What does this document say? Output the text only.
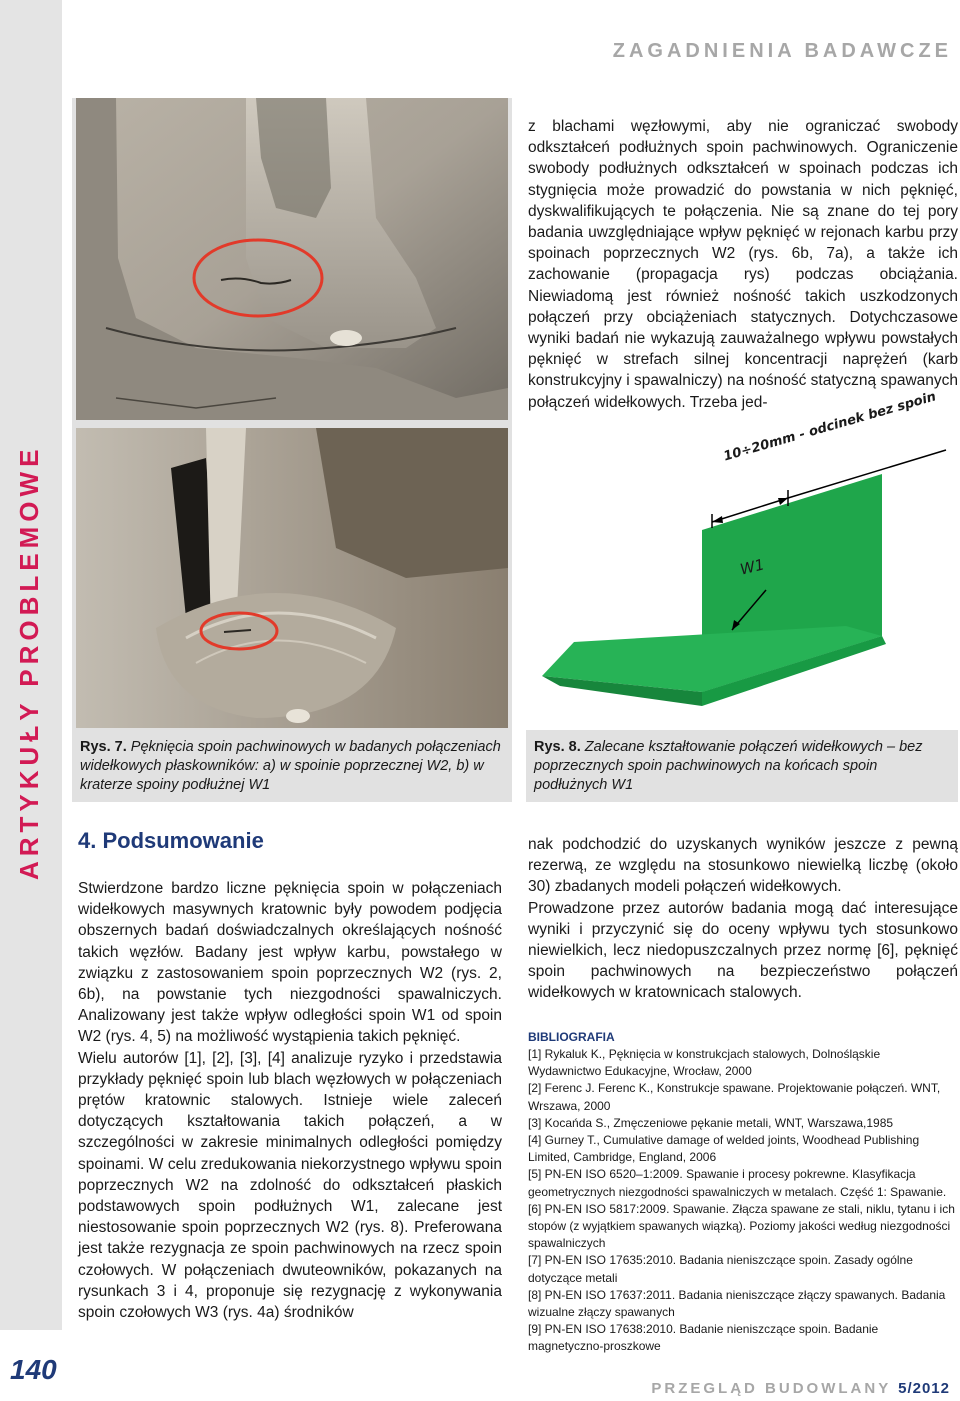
ARTYKUŁY PROBLEMOWE
140
ZAGADNIENIA BADAWCZE
Rys. 7. Pęknięcia spoin pachwinowych w badanych połączeniach widełkowych płaskowników: a) w spoinie poprzecznej W2, b) w kraterze spoiny podłużnej W1

z blachami węzłowymi, aby nie ograniczać swobody odkształceń podłużnych spoin pachwinowych. Ograniczenie swobody podłużnych odkształceń w spoinach podczas ich stygnięcia może prowadzić do powstania w nich pęknięć, dyskwalifikujących te połączenia. Nie są znane do tej pory badania uwzględniające wpływ pęknięć w rejonach karbu przy spoinach poprzecznych W2 (rys. 6b, 7a), a także ich zachowanie (propagacja rys) podczas obciążania. Niewiadomą jest również nośność takich uszkodzonych połączeń przy obciążeniach statycznych. Dotychczasowe wyniki badań nie wykazują zauważalnego wpływu powstałych pęknięć w strefach silnej koncentracji naprężeń (karb konstrukcyjny i spawalniczy) na nośność statyczną spawanych połączeń widełkowych. Trzeba jed-

10÷20mm - odcinek bez spoin
W1
Rys. 8. Zalecane kształtowanie połączeń widełkowych – bez poprzecznych spoin pachwinowych na końcach spoin podłużnych W1
4. Podsumowanie

Stwierdzone bardzo liczne pęknięcia spoin w połączeniach widełkowych masywnych kratownic były powodem podjęcia obszernych badań doświadczalnych określających nośność takich węzłów. Badany jest wpływ karbu, powstałego w związku z zastosowaniem spoin poprzecznych W2 (rys. 2, 6b), na powstanie tych niezgodności spawalniczych. Analizowany jest także wpływ odległości spoin W1 od spoin W2 (rys. 4, 5) na możliwość wystąpienia takich pęknięć.

Wielu autorów [1], [2], [3], [4] analizuje ryzyko i przedstawia przykłady pęknięć spoin lub blach węzłowych w połączeniach prętów kratownic stalowych. Istnieje wiele zaleceń dotyczących kształtowania takich połączeń, a w szczególności w zakresie minimalnych odległości pomiędzy spoinami. W celu zredukowania niekorzystnego wpływu spoin poprzecznych W2 na zdolność do odkształceń płaskich podstawowych spoin podłużnych W1, zalecane jest niestosowanie spoin poprzecznych W2 (rys. 8). Preferowana jest także rezygnacja ze spoin pachwinowych na rzecz spoin czołowych. W połączeniach dwuteowników, pokazanych na rysunkach 3 i 4, proponuje się rezygnację z wykonywania spoin czołowych W3 (rys. 4a) środników

nak podchodzić do uzyskanych wyników jeszcze z pewną rezerwą, ze względu na stosunkowo niewielką liczbę (około 30) zbadanych modeli połączeń widełkowych.

Prowadzone przez autorów badania mogą dać interesujące wyniki i przyczynić się do oceny wpływu tych stosunkowo niewielkich, lecz niedopuszczalnych przez normę [6], pęknięć spoin pachwinowych na bezpieczeństwo połączeń widełkowych w kratownicach stalowych.

BIBLIOGRAFIA
[1] Rykaluk K., Pęknięcia w konstrukcjach stalowych, Dolnośląskie Wydawnictwo Edukacyjne, Wrocław, 2000
[2] Ferenc J. Ferenc K., Konstrukcje spawane. Projektowanie połączeń. WNT, Wrszawa, 2000
[3] Kocańda S., Zmęczeniowe pękanie metali, WNT, Warszawa,1985
[4] Gurney T., Cumulative damage of welded joints, Woodhead Publishing Limited, Cambridge, England, 2006
[5] PN-EN ISO 6520–1:2009. Spawanie i procesy pokrewne. Klasyfikacja geometrycznych niezgodności spawalniczych w metalach. Część 1: Spawanie.
[6] PN-EN ISO 5817:2009. Spawanie. Złącza spawane ze stali, niklu, tytanu i ich stopów (z wyjątkiem spawanych wiązką). Poziomy jakości według niezgodności spawalniczych
[7] PN-EN ISO 17635:2010. Badania nieniszczące spoin. Zasady ogólne dotyczące metali
[8] PN-EN ISO 17637:2011. Badania nieniszczące złączy spawanych. Badania wizualne złączy spawanych
[9] PN-EN ISO 17638:2010. Badanie nieniszczące spoin. Badanie magnetyczno-proszkowe
PRZEGLĄD BUDOWLANY 5/2012
